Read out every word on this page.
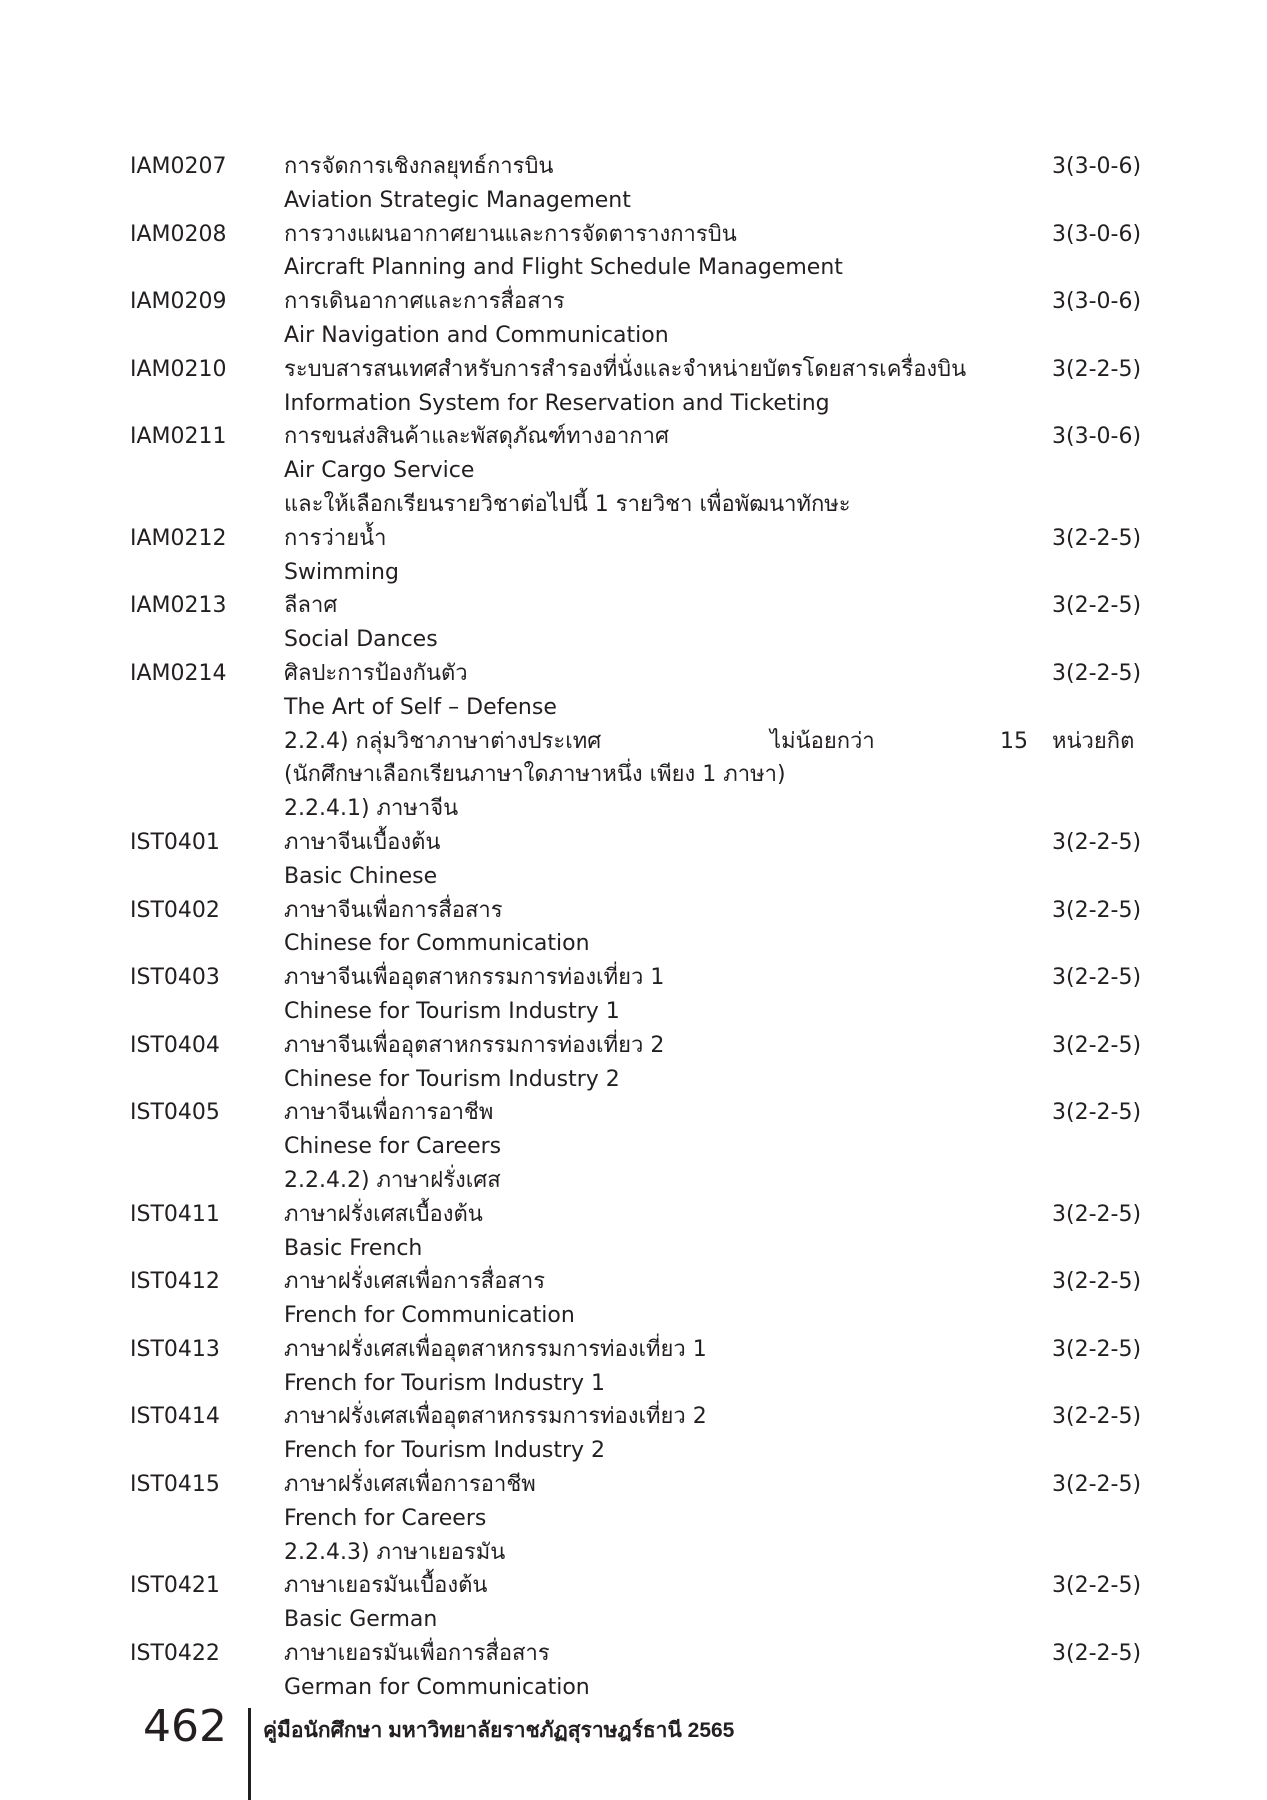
IAM0207	การจัดการเชิงกลยุทธ์การบิน	3(3-0-6)
Aviation Strategic Management
IAM0208	การวางแผนอากาศยานและการจัดตารางการบิน	3(3-0-6)
Aircraft Planning and Flight Schedule Management
IAM0209	การเดินอากาศและการสื่อสาร	3(3-0-6)
Air Navigation and Communication
IAM0210	ระบบสารสนเทศสำหรับการสำรองที่นั่งและจำหน่ายบัตรโดยสารเครื่องบิน	3(2-2-5)
Information System for Reservation and Ticketing
IAM0211	การขนส่งสินค้าและพัสดุภัณฑ์ทางอากาศ	3(3-0-6)
Air Cargo Service
และให้เลือกเรียนรายวิชาต่อไปนี้ 1 รายวิชา เพื่อพัฒนาทักษะ
IAM0212	การว่ายน้ำ	3(2-2-5)
Swimming
IAM0213	ลีลาศ	3(2-2-5)
Social Dances
IAM0214	ศิลปะการป้องกันตัว	3(2-2-5)
The Art of Self – Defense
2.2.4) กลุ่มวิชาภาษาต่างประเทศ	ไม่น้อยกว่า	15 หน่วยกิต
(นักศึกษาเลือกเรียนภาษาใดภาษาหนึ่ง เพียง 1 ภาษา)
2.2.4.1) ภาษาจีน
IST0401	ภาษาจีนเบื้องต้น	3(2-2-5)
Basic Chinese
IST0402	ภาษาจีนเพื่อการสื่อสาร	3(2-2-5)
Chinese for Communication
IST0403	ภาษาจีนเพื่ออุตสาหกรรมการท่องเที่ยว 1	3(2-2-5)
Chinese for Tourism Industry 1
IST0404	ภาษาจีนเพื่ออุตสาหกรรมการท่องเที่ยว 2	3(2-2-5)
Chinese for Tourism Industry 2
IST0405	ภาษาจีนเพื่อการอาชีพ	3(2-2-5)
Chinese for Careers
2.2.4.2) ภาษาฝรั่งเศส
IST0411	ภาษาฝรั่งเศสเบื้องต้น	3(2-2-5)
Basic French
IST0412	ภาษาฝรั่งเศสเพื่อการสื่อสาร	3(2-2-5)
French for Communication
IST0413	ภาษาฝรั่งเศสเพื่ออุตสาหกรรมการท่องเที่ยว 1	3(2-2-5)
French for Tourism Industry 1
IST0414	ภาษาฝรั่งเศสเพื่ออุตสาหกรรมการท่องเที่ยว 2	3(2-2-5)
French for Tourism Industry 2
IST0415	ภาษาฝรั่งเศสเพื่อการอาชีพ	3(2-2-5)
French for Careers
2.2.4.3) ภาษาเยอรมัน
IST0421	ภาษาเยอรมันเบื้องต้น	3(2-2-5)
Basic German
IST0422	ภาษาเยอรมันเพื่อการสื่อสาร	3(2-2-5)
German for Communication
462 คู่มือนักศึกษา มหาวิทยาลัยราชภัฏสุราษฎร์ธานี 2565
